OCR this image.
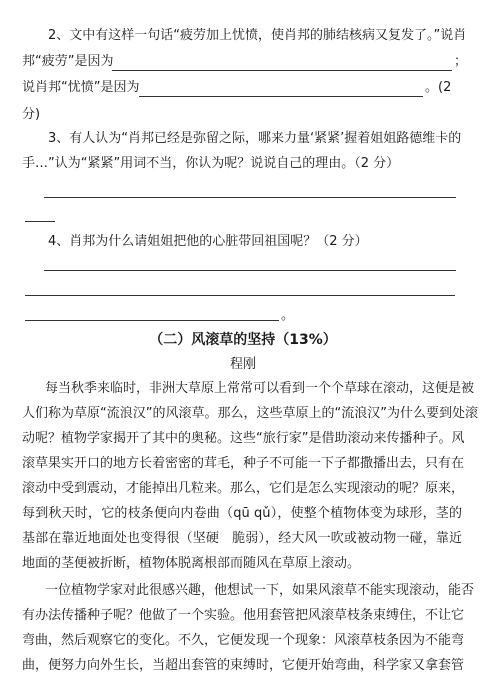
2、文中有这样一句话“疲劳加上忧愤，使肖邦的肺结核病又复发了。”说肖
邦“疲劳”是因为	；
说肖邦“忧愤”是因为	。(2
分)
3、有人认为“肖邦已经是弥留之际，哪来力量‘紧紧’握着姐姐路德维卡的
手…”认为“紧紧”用词不当，你认为呢？说说自己的理由。（2 分）
4、肖邦为什么请姐姐把他的心脏带回祖国呢？（2 分）
。
（二）风滚草的坚持（13%）
程刚
每当秋季来临时，非洲大草原上常常可以看到一个个草球在滚动，这便是被
人们称为草原“流浪汉”的风滚草。那么，这些草原上的“流浪汉”为什么要到处滚
动呢？植物学家揭开了其中的奥秘。这些“旅行家”是借助滚动来传播种子。风
滚草果实开口的地方长着密密的茸毛，种子不可能一下子都撒播出去，只有在
滚动中受到震动，才能掉出几粒来。那么，它们是怎么实现滚动的呢？原来，
每到秋天时，它的枝条便向内卷曲（qū qǔ），使整个植物体变为球形，茎的
基部在靠近地面处也变得很（坚硬　脆弱），经大风一吹或被动物一碰，靠近
地面的茎便被折断，植物体脱离根部而随风在草原上滚动。
一位植物学家对此很感兴趣，他想试一下，如果风滚草不能实现滚动，能否
有办法传播种子呢？他做了一个实验。他用套管把风滚草枝条束缚住，不让它
弯曲，然后观察它的变化。不久，它便发现一个现象：风滚草枝条因为不能弯
曲，便努力向外生长，当超出套管的束缚时，它便开始弯曲，科学家又拿套管
